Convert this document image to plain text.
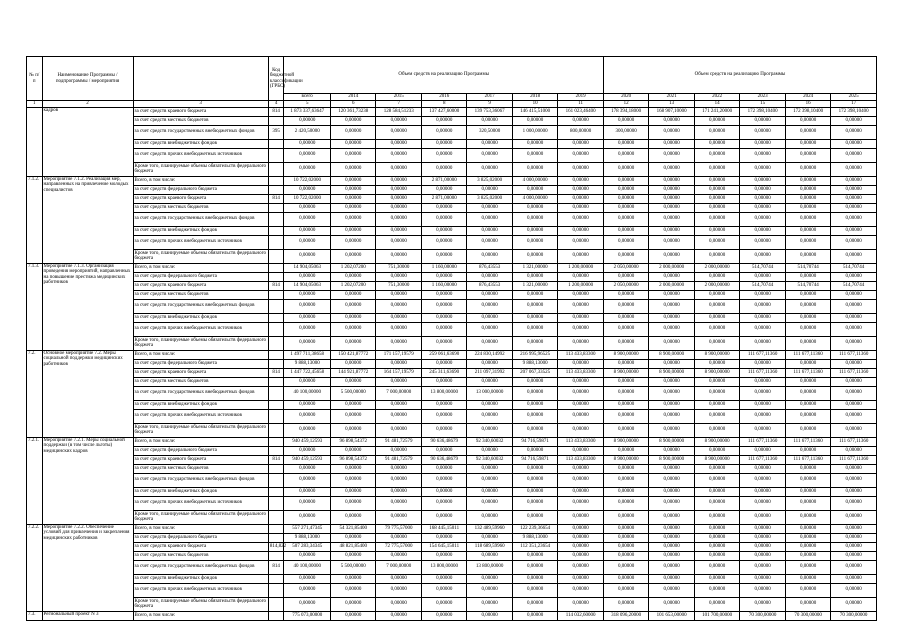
№ п/п	Наименование Программы / подпрограммы / мероприятия		Код бюджетной классификации (ГРБС)	Объем средств на реализацию Программы							Объем средств на реализацию Программы					
				всего	2014	2015	2016	2017	2018	2019	2020	2021	2022	2023	2024	2025
1	2	3	4	5	6	7	8	9	10	11	12	13	14	15	16	17
	кадров	за счет средств краевого бюджета	814	1 873 337,63647	120 361,73238	128 584,51233	137 427,60000	139 753,36067	146 415,51000	161 023,46400	178 394,18000	168 907,10000	171 241,20000	172 398,10400	172 398,10400	172 398,10400
		за счет средств местных бюджетов		0,00000	0,00000	0,00000	0,00000	0,00000	0,00000	0,00000	0,00000	0,00000	0,00000	0,00000	0,00000	0,00000
		за счет средств государственных внебюджетных фондов	395	2 420,50000	0,00000	0,00000	0,00000	320,50000	1 000,00000	800,00000	300,00000	0,00000	0,00000	0,00000	0,00000	0,00000
		за счет средств внебюджетных фондов		0,00000	0,00000	0,00000	0,00000	0,00000	0,00000	0,00000	0,00000	0,00000	0,00000	0,00000	0,00000	0,00000
		за счет средств прочих внебюджетных источников		0,00000	0,00000	0,00000	0,00000	0,00000	0,00000	0,00000	0,00000	0,00000	0,00000	0,00000	0,00000	0,00000
		Кроме того, планируемые объемы обязательств федерального бюджета		0,00000	0,00000	0,00000	0,00000	0,00000	0,00000	0,00000	0,00000	0,00000	0,00000	0,00000	0,00000	0,00000
7.1.2.	Мероприятие 7.1.2. Реализация мер, направленных на привлечение молодых специалистов	Всего, в том числе:		10 722,02000	0,00000	0,00000	2 871,00000	3 825,02000	4 000,00000	0,00000	0,00000	0,00000	0,00000	0,00000	0,00000	0,00000
		за счет средств федерального бюджета		0,00000	0,00000	0,00000	0,00000	0,00000	0,00000	0,00000	0,00000	0,00000	0,00000	0,00000	0,00000	0,00000
		за счет средств краевого бюджета	814	10 722,02000	0,00000	0,00000	2 871,00000	3 825,02000	4 000,00000	0,00000	0,00000	0,00000	0,00000	0,00000	0,00000	0,00000
		за счет средств местных бюджетов		0,00000	0,00000	0,00000	0,00000	0,00000	0,00000	0,00000	0,00000	0,00000	0,00000	0,00000	0,00000	0,00000
		за счет средств государственных внебюджетных фондов		0,00000	0,00000	0,00000	0,00000	0,00000	0,00000	0,00000	0,00000	0,00000	0,00000	0,00000	0,00000	0,00000
		за счет средств внебюджетных фондов		0,00000	0,00000	0,00000	0,00000	0,00000	0,00000	0,00000	0,00000	0,00000	0,00000	0,00000	0,00000	0,00000
		за счет средств прочих внебюджетных источников		0,00000	0,00000	0,00000	0,00000	0,00000	0,00000	0,00000	0,00000	0,00000	0,00000	0,00000	0,00000	0,00000
		Кроме того, планируемые объемы обязательств федерального бюджета		0,00000	0,00000	0,00000	0,00000	0,00000	0,00000	0,00000	0,00000	0,00000	0,00000	0,00000	0,00000	0,00000
7.1.3.	Мероприятие 7.1.3. Организация проведения мероприятий, направленных на повышение престижа медицинских работников	Всего, в том числе:		14 904,05063	1 202,07200	751,30000	1 160,00000	876,43553	1 321,00000	1 200,00000	2 050,00000	2 000,00000	2 000,00000	514,70744	514,70744	514,70744
		за счет средств федерального бюджета		0,00000	0,00000	0,00000	0,00000	0,00000	0,00000	0,00000	0,00000	0,00000	0,00000	0,00000	0,00000	0,00000
		за счет средств краевого бюджета	814	14 904,05063	1 202,07200	751,30000	1 160,00000	876,43553	1 321,00000	1 200,00000	2 050,00000	2 000,00000	2 000,00000	514,70744	514,70744	514,70744
		за счет средств местных бюджетов		0,00000	0,00000	0,00000	0,00000	0,00000	0,00000	0,00000	0,00000	0,00000	0,00000	0,00000	0,00000	0,00000
		за счет средств государственных внебюджетных фондов		0,00000	0,00000	0,00000	0,00000	0,00000	0,00000	0,00000	0,00000	0,00000	0,00000	0,00000	0,00000	0,00000
		за счет средств внебюджетных фондов		0,00000	0,00000	0,00000	0,00000	0,00000	0,00000	0,00000	0,00000	0,00000	0,00000	0,00000	0,00000	0,00000
		за счет средств прочих внебюджетных источников		0,00000	0,00000	0,00000	0,00000	0,00000	0,00000	0,00000	0,00000	0,00000	0,00000	0,00000	0,00000	0,00000
		Кроме того, планируемые объемы обязательств федерального бюджета		0,00000	0,00000	0,00000	0,00000	0,00000	0,00000	0,00000	0,00000	0,00000	0,00000	0,00000	0,00000	0,00000
7.2.	Основное мероприятие 7.2. Меры социальной поддержки медицинских работников	Всего, в том числе:		1 497 711,38658	150 421,87772	171 157,19579	259 061,63690	224 830,14992	216 995,96525	113 433,83300	8 900,00000	8 900,00000	8 900,00000	111 677,11360	111 677,11360	111 677,11360
		за счет средств федерального бюджета		9 888,13000	0,00000	0,00000	0,00000	0,00000	9 888,13000	0,00000	0,00000	0,00000	0,00000	0,00000	0,00000	0,00000
		за счет средств краевого бюджета	814	1 447 722,45658	144 921,87772	164 157,19579	245 311,63690	211 097,31992	207 067,33525	113 433,83300	8 900,00000	8 900,00000	8 900,00000	111 677,11360	111 677,11360	111 677,11360
		за счет средств местных бюджетов		0,00000	0,00000	0,00000	0,00000	0,00000	0,00000	0,00000	0,00000	0,00000	0,00000	0,00000	0,00000	0,00000
		за счет средств государственных внебюджетных фондов		40 100,00000	5 500,00000	7 000,00000	13 800,00000	13 000,00000	0,00000	0,00000	0,00000	0,00000	0,00000	0,00000	0,00000	0,00000
		за счет средств внебюджетных фондов		0,00000	0,00000	0,00000	0,00000	0,00000	0,00000	0,00000	0,00000	0,00000	0,00000	0,00000	0,00000	0,00000
		за счет средств прочих внебюджетных источников		0,00000	0,00000	0,00000	0,00000	0,00000	0,00000	0,00000	0,00000	0,00000	0,00000	0,00000	0,00000	0,00000
		Кроме того, планируемые объемы обязательств федерального бюджета		0,00000	0,00000	0,00000	0,00000	0,00000	0,00000	0,00000	0,00000	0,00000	0,00000	0,00000	0,00000	0,00000
7.2.1.	Мероприятие 7.2.1. Меры социальной поддержки (в том числе льготы) медицинских кадров	Всего, в том числе:		940 459,12593	96 898,54372	91 481,72579	90 636,48679	92 340,60032	94 716,59871	113 433,83300	8 900,00000	8 900,00000	8 900,00000	111 677,11360	111 677,11360	111 677,11360
		за счет средств федерального бюджета		0,00000	0,00000	0,00000	0,00000	0,00000	0,00000	0,00000	0,00000	0,00000	0,00000	0,00000	0,00000	0,00000
		за счет средств краевого бюджета	814	940 459,12593	96 898,54372	91 481,72579	90 636,48679	92 340,60032	94 716,59871	113 433,83300	8 900,00000	8 900,00000	8 900,00000	111 677,11360	111 677,11360	111 677,11360
		за счет средств местных бюджетов		0,00000	0,00000	0,00000	0,00000	0,00000	0,00000	0,00000	0,00000	0,00000	0,00000	0,00000	0,00000	0,00000
		за счет средств государственных внебюджетных фондов		0,00000	0,00000	0,00000	0,00000	0,00000	0,00000	0,00000	0,00000	0,00000	0,00000	0,00000	0,00000	0,00000
		за счет средств внебюджетных фондов		0,00000	0,00000	0,00000	0,00000	0,00000	0,00000	0,00000	0,00000	0,00000	0,00000	0,00000	0,00000	0,00000
		за счет средств прочих внебюджетных источников		0,00000	0,00000	0,00000	0,00000	0,00000	0,00000	0,00000	0,00000	0,00000	0,00000	0,00000	0,00000	0,00000
		Кроме того, планируемые объемы обязательств федерального бюджета		0,00000	0,00000	0,00000	0,00000	0,00000	0,00000	0,00000	0,00000	0,00000	0,00000	0,00000	0,00000	0,00000
7.2.2.	Мероприятие 7.2.2. Обеспечение условий для привлечения и закрепления медицинских работников	Всего, в том числе:		557 271,47345	54 321,85400	79 775,57000	168 445,15011	132 489,59960	122 239,36654	0,00000	0,00000	0,00000	0,00000	0,00000	0,00000	0,00000
		за счет средств федерального бюджета		9 888,13000	0,00000	0,00000	0,00000	0,00000	9 888,13000	0,00000	0,00000	0,00000	0,00000	0,00000	0,00000	0,00000
		за счет средств краевого бюджета	814,822	507 283,34345	48 821,85400	72 775,57000	154 645,15011	118 689,59960	112 351,23654	0,00000	0,00000	0,00000	0,00000	0,00000	0,00000	0,00000
		за счет средств местных бюджетов		0,00000	0,00000	0,00000	0,00000	0,00000	0,00000	0,00000	0,00000	0,00000	0,00000	0,00000	0,00000	0,00000
		за счет средств государственных внебюджетных фондов	814	40 100,00000	5 500,00000	7 000,00000	13 800,00000	13 800,00000	0,00000	0,00000	0,00000	0,00000	0,00000	0,00000	0,00000	0,00000
		за счет средств внебюджетных фондов		0,00000	0,00000	0,00000	0,00000	0,00000	0,00000	0,00000	0,00000	0,00000	0,00000	0,00000	0,00000	0,00000
		за счет средств прочих внебюджетных источников		0,00000	0,00000	0,00000	0,00000	0,00000	0,00000	0,00000	0,00000	0,00000	0,00000	0,00000	0,00000	0,00000
		Кроме того, планируемые объемы обязательств федерального бюджета		0,00000	0,00000	0,00000	0,00000	0,00000	0,00000	0,00000	0,00000	0,00000	0,00000	0,00000	0,00000	0,00000
7.3.	Региональный проект N 3	Всего, в том числе:		775 073,00000	0,00000	0,00000	0,00000	0,00000	0,00000	114 032,60000	318 096,20000	101 653,00000	101 700,00000	70 300,00000	70 300,00000	70 300,00000
